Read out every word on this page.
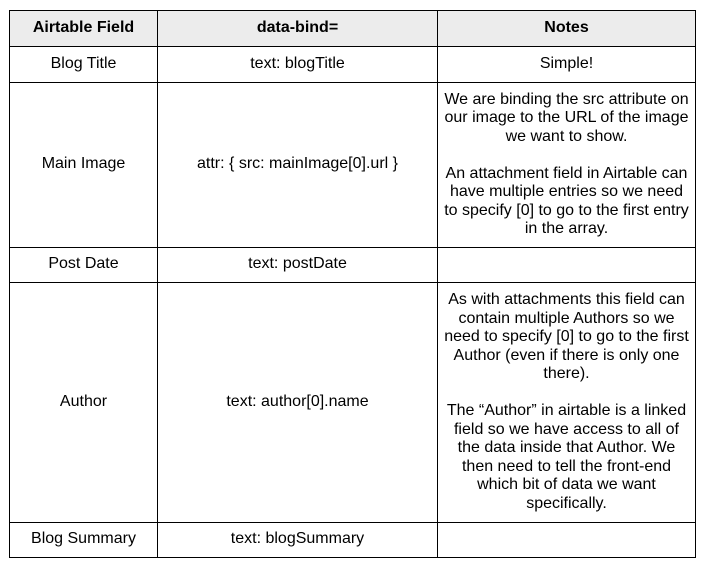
Airtable Field	data-bind=	Notes
Blog Title	text: blogTitle	Simple!

Main Image	attr: { src: mainImage[0].url }	We are binding the src attribute on our image to the URL of the image we want to show.
An attachment field in Airtable can have multiple entries so we need to specify [0] to go to the first entry in the array.

Post Date	text: postDate	
Author	text: author[0].name	As with attachments this field can contain multiple Authors so we need to specify [0] to go to the first Author (even if there is only one there).
The “Author” in airtable is a linked field so we have access to all of the data inside that Author. We then need to tell the front-end which bit of data we want specifically.

Blog Summary	text: blogSummary	
